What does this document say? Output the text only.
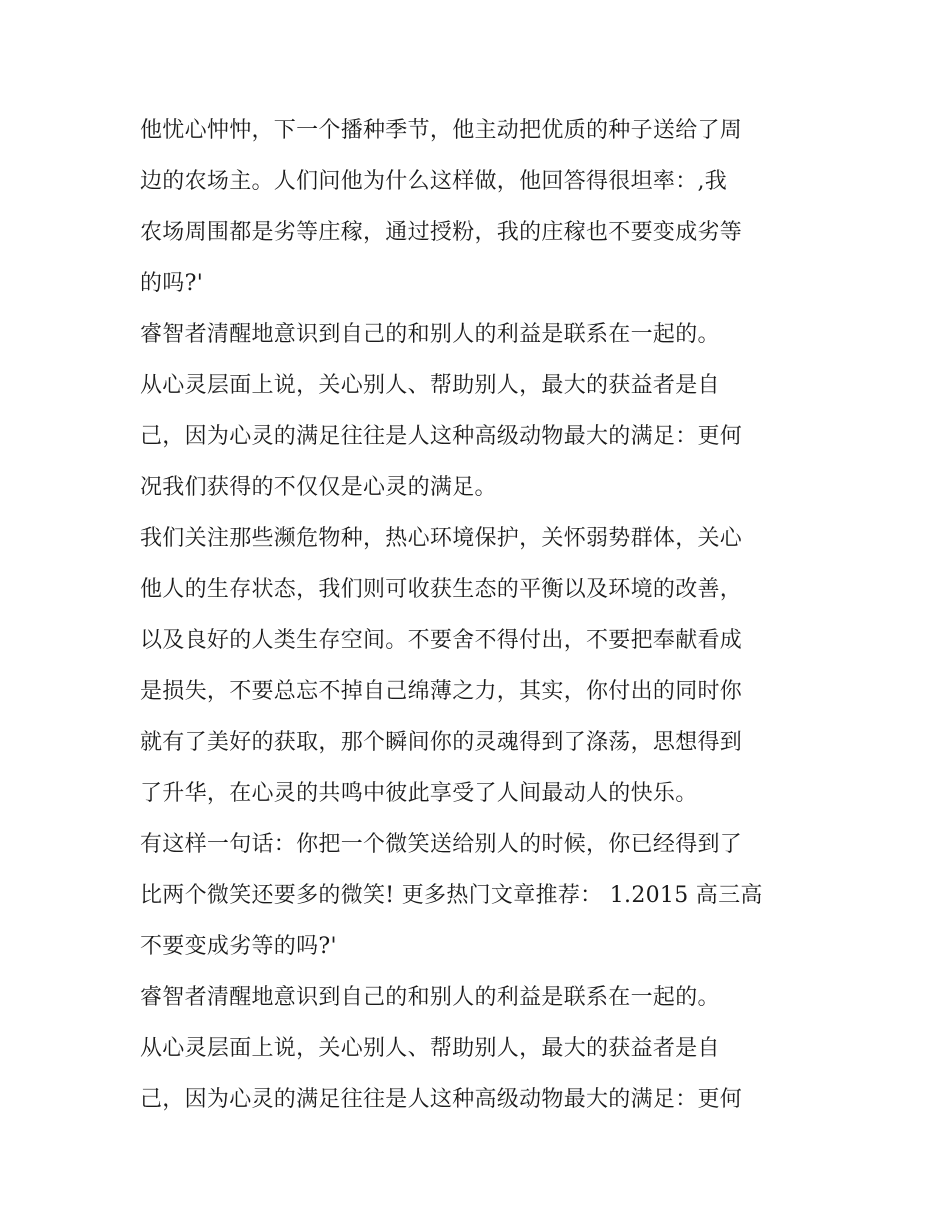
他忧心忡忡，下一个播种季节，他主动把优质的种子送给了周
边的农场主。人们问他为什么这样做，他回答得很坦率：,我
农场周围都是劣等庄稼，通过授粉，我的庄稼也不要变成劣等
的吗?'
睿智者清醒地意识到自己的和别人的利益是联系在一起的。
从心灵层面上说，关心别人、帮助别人，最大的获益者是自
己，因为心灵的满足往往是人这种高级动物最大的满足：更何
况我们获得的不仅仅是心灵的满足。
我们关注那些濒危物种，热心环境保护，关怀弱势群体，关心
他人的生存状态，我们则可收获生态的平衡以及环境的改善，
以及良好的人类生存空间。不要舍不得付出，不要把奉献看成
是损失，不要总忘不掉自己绵薄之力，其实，你付出的同时你
就有了美好的获取，那个瞬间你的灵魂得到了涤荡，思想得到
了升华，在心灵的共鸣中彼此享受了人间最动人的快乐。
有这样一句话：你把一个微笑送给别人的时候，你已经得到了
比两个微笑还要多的微笑! 更多热门文章推荐： 1.2015 高三高
不要变成劣等的吗?'
睿智者清醒地意识到自己的和别人的利益是联系在一起的。
从心灵层面上说，关心别人、帮助别人，最大的获益者是自
己，因为心灵的满足往往是人这种高级动物最大的满足：更何
